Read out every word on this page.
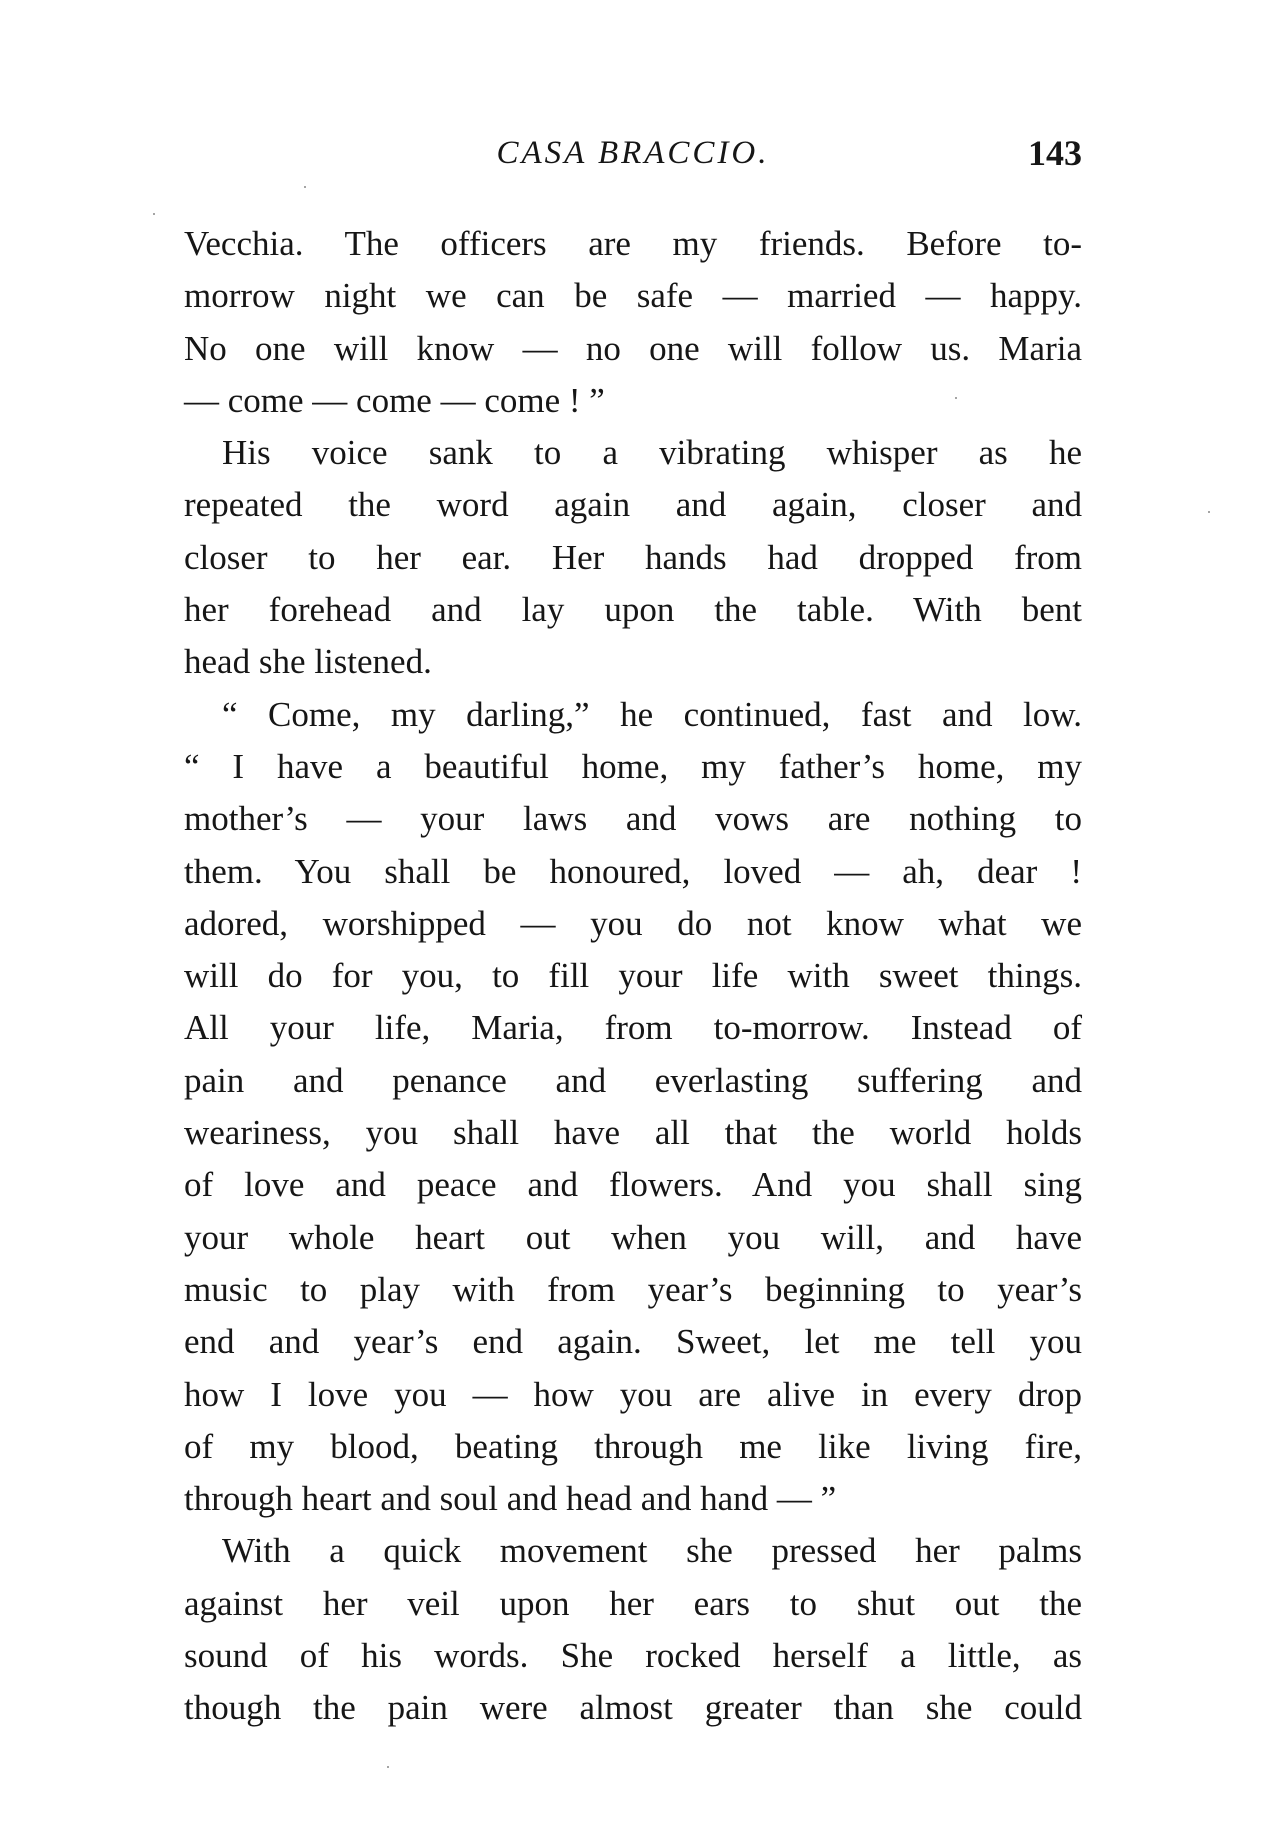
CASA BRACCIO.	143
Vecchia. The officers are my friends. Before to-
morrow night we can be safe — married — happy.
No one will know — no one will follow us. Maria
— come — come — come ! ”
His voice sank to a vibrating whisper as he
repeated the word again and again, closer and
closer to her ear. Her hands had dropped from
her forehead and lay upon the table. With bent
head she listened.
“ Come, my darling,” he continued, fast and low.
“ I have a beautiful home, my father’s home, my
mother’s — your laws and vows are nothing to
them. You shall be honoured, loved — ah, dear !
adored, worshipped — you do not know what we
will do for you, to fill your life with sweet things.
All your life, Maria, from to-morrow. Instead of
pain and penance and everlasting suffering and
weariness, you shall have all that the world holds
of love and peace and flowers. And you shall sing
your whole heart out when you will, and have
music to play with from year’s beginning to year’s
end and year’s end again. Sweet, let me tell you
how I love you — how you are alive in every drop
of my blood, beating through me like living fire,
through heart and soul and head and hand — ”
With a quick movement she pressed her palms
against her veil upon her ears to shut out the
sound of his words. She rocked herself a little, as
though the pain were almost greater than she could
